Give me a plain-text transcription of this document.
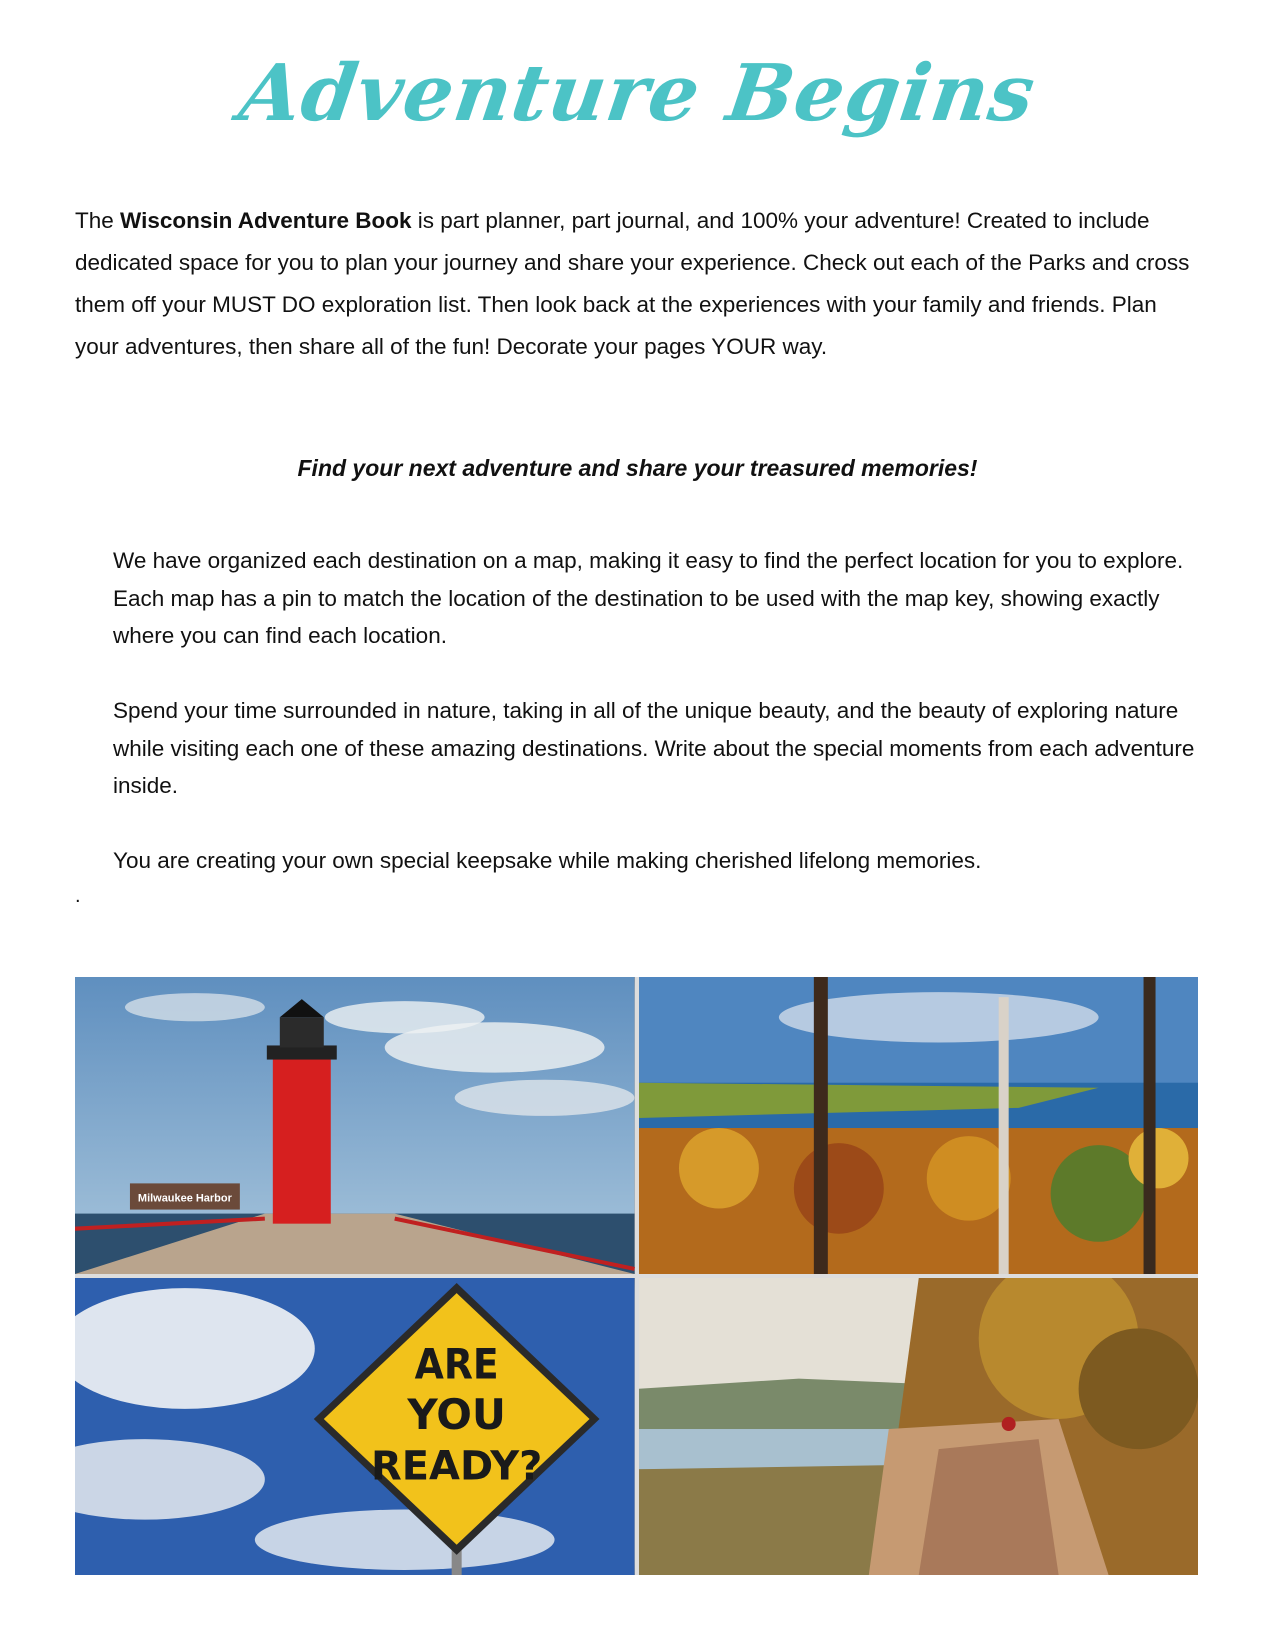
Adventure Begins

The Wisconsin Adventure Book is part planner, part journal, and 100% your adventure! Created to include dedicated space for you to plan your journey and share your experience. Check out each of the Parks and cross them off your MUST DO exploration list. Then look back at the experiences with your family and friends. Plan your adventures, then share all of the fun! Decorate your pages YOUR way.

Find your next adventure and share your treasured memories!

We have organized each destination on a map, making it easy to find the perfect location for you to explore. Each map has a pin to match the location of the destination to be used with the map key, showing exactly where you can find each location.

Spend your time surrounded in nature, taking in all of the unique beauty, and the beauty of exploring nature while visiting each one of these amazing destinations. Write about the special moments from each adventure inside.

You are creating your own special keepsake while making cherished lifelong memories.

.
Milwaukee Harbor
ARE
YOU
READY?
